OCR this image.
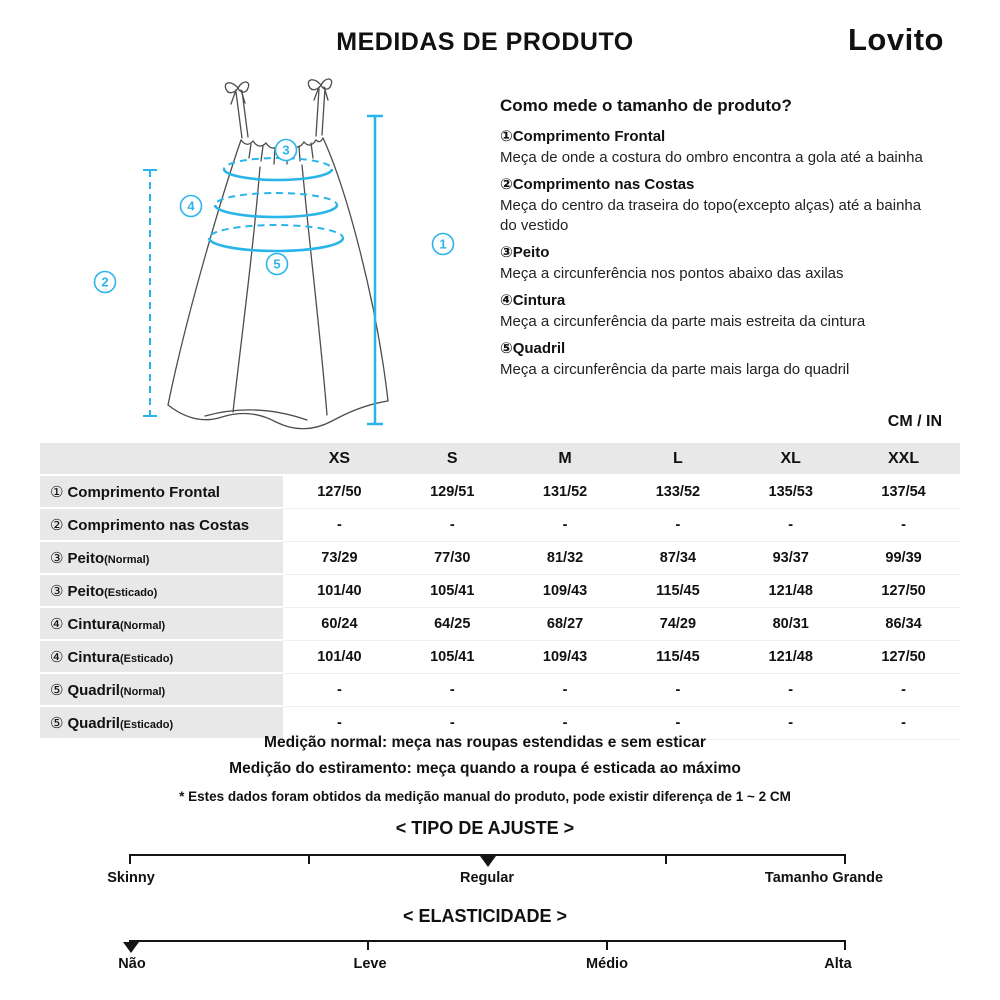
MEDIDAS DE PRODUTO	Lovito
1
2
3
4
5
Como mede o tamanho de produto?
①Comprimento Frontal

Meça de onde a costura do ombro encontra a gola até a bainha

②Comprimento nas Costas

Meça do centro da traseira do topo(excepto alças) até a bainha do vestido

③Peito

Meça a circunferência nos pontos abaixo das axilas

④Cintura

Meça a circunferência da parte mais estreita da cintura

⑤Quadril

Meça a circunferência da parte mais larga do quadril

CM / IN
	XS	S	M	L	XL	XXL
① Comprimento Frontal	127/50	129/51	131/52	133/52	135/53	137/54
② Comprimento nas Costas	-	-	-	-	-	-
③ Peito(Normal)	73/29	77/30	81/32	87/34	93/37	99/39
③ Peito(Esticado)	101/40	105/41	109/43	115/45	121/48	127/50
④ Cintura(Normal)	60/24	64/25	68/27	74/29	80/31	86/34
④ Cintura(Esticado)	101/40	105/41	109/43	115/45	121/48	127/50
⑤ Quadril(Normal)	-	-	-	-	-	-
⑤ Quadril(Esticado)	-	-	-	-	-	-
Medição normal: meça nas roupas estendidas e sem esticar
Medição do estiramento: meça quando a roupa é esticada ao máximo
* Estes dados foram obtidos da medição manual do produto, pode existir diferença de 1 ~ 2 CM
< TIPO DE AJUSTE >
Skinny	Regular	Tamanho Grande
< ELASTICIDADE >
Não	Leve	Médio	Alta
